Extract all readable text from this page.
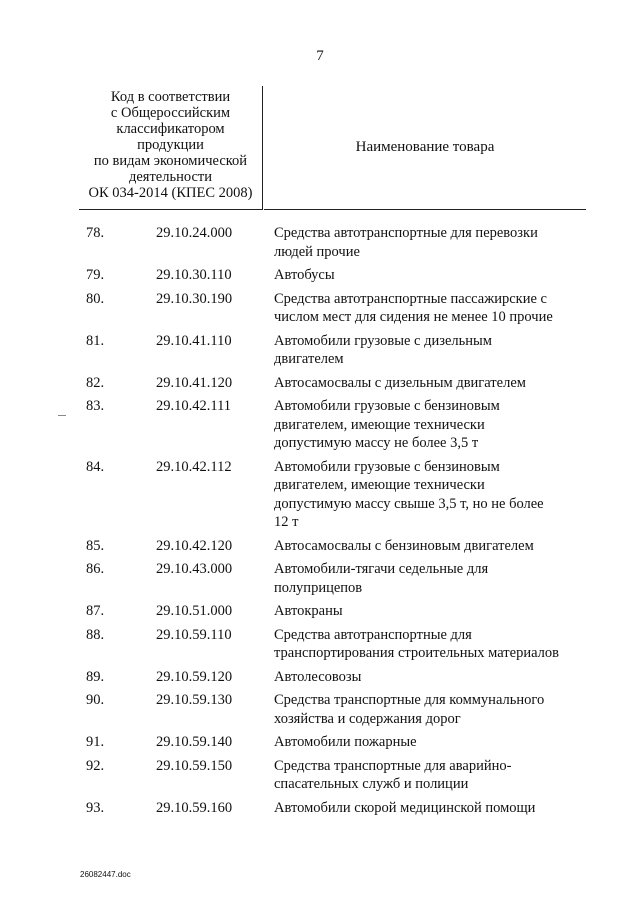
7
Код в соответствии
с Общероссийским
классификатором
продукции
по видам экономической
деятельности
ОК 034-2014 (КПЕС 2008)
Наименование товара
78.	29.10.24.000	Средства автотранспортные для перевозки
людей прочие
79.	29.10.30.110	Автобусы
80.	29.10.30.190	Средства автотранспортные пассажирские с
числом мест для сидения не менее 10 прочие
81.	29.10.41.110	Автомобили грузовые с дизельным
двигателем
82.	29.10.41.120	Автосамосвалы с дизельным двигателем
83.	29.10.42.111	Автомобили грузовые с бензиновым
двигателем, имеющие технически
допустимую массу не более 3,5 т
84.	29.10.42.112	Автомобили грузовые с бензиновым
двигателем, имеющие технически
допустимую массу свыше 3,5 т, но не более
12 т
85.	29.10.42.120	Автосамосвалы с бензиновым двигателем
86.	29.10.43.000	Автомобили-тягачи седельные для
полуприцепов
87.	29.10.51.000	Автокраны
88.	29.10.59.110	Средства автотранспортные для
транспортирования строительных материалов
89.	29.10.59.120	Автолесовозы
90.	29.10.59.130	Средства транспортные для коммунального
хозяйства и содержания дорог
91.	29.10.59.140	Автомобили пожарные
92.	29.10.59.150	Средства транспортные для аварийно-
спасательных служб и полиции
93.	29.10.59.160	Автомобили скорой медицинской помощи
26082447.doc
